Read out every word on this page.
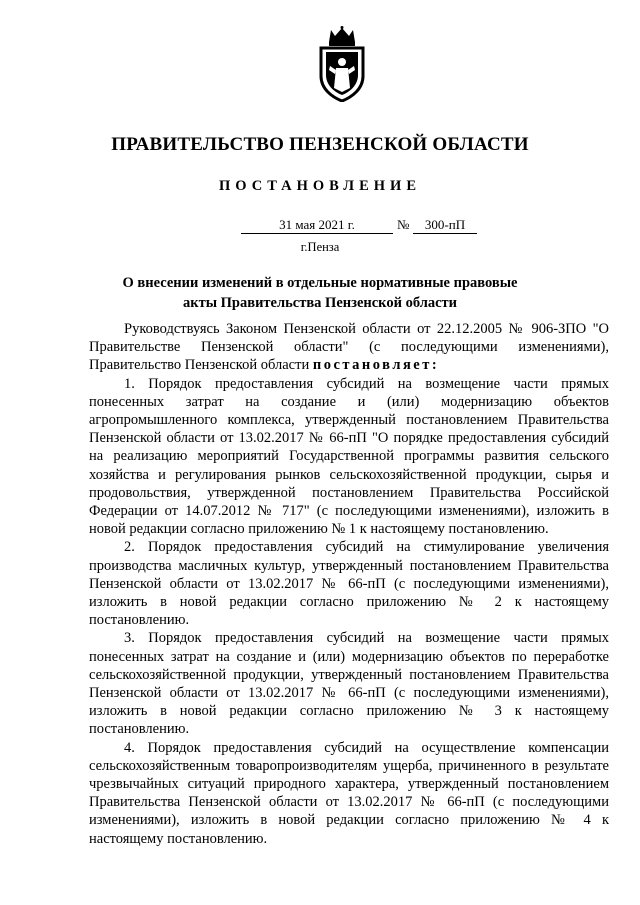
ПРАВИТЕЛЬСТВО ПЕНЗЕНСКОЙ ОБЛАСТИ
ПОСТАНОВЛЕНИЕ
31 мая 2021 г.	№	300-пП
г.Пенза
О внесении изменений в отдельные нормативные правовые акты Правительства Пензенской области

Руководствуясь Законом Пензенской области от 22.12.2005 № 906-ЗПО "О Правительстве Пензенской области" (с последующими изменениями), Правительство Пензенской области постановляет:

1. Порядок предоставления субсидий на возмещение части прямых понесенных затрат на создание и (или) модернизацию объектов агропромышленного комплекса, утвержденный постановлением Правительства Пензенской области от 13.02.2017 № 66-пП "О порядке предоставления субсидий на реализацию мероприятий Государственной программы развития сельского хозяйства и регулирования рынков сельскохозяйственной продукции, сырья и продовольствия, утвержденной постановлением Правительства Российской Федерации от 14.07.2012 № 717" (с последующими изменениями), изложить в новой редакции согласно приложению № 1 к настоящему постановлению.

2. Порядок предоставления субсидий на стимулирование увеличения производства масличных культур, утвержденный постановлением Правительства Пензенской области от 13.02.2017 № 66-пП (с последующими изменениями), изложить в новой редакции согласно приложению № 2 к настоящему постановлению.

3. Порядок предоставления субсидий на возмещение части прямых понесенных затрат на создание и (или) модернизацию объектов по переработке сельскохозяйственной продукции, утвержденный постановлением Правительства Пензенской области от 13.02.2017 № 66-пП (с последующими изменениями), изложить в новой редакции согласно приложению № 3 к настоящему постановлению.

4. Порядок предоставления субсидий на осуществление компенсации сельскохозяйственным товаропроизводителям ущерба, причиненного в результате чрезвычайных ситуаций природного характера, утвержденный постановлением Правительства Пензенской области от 13.02.2017 № 66-пП (с последующими изменениями), изложить в новой редакции согласно приложению № 4 к настоящему постановлению.
